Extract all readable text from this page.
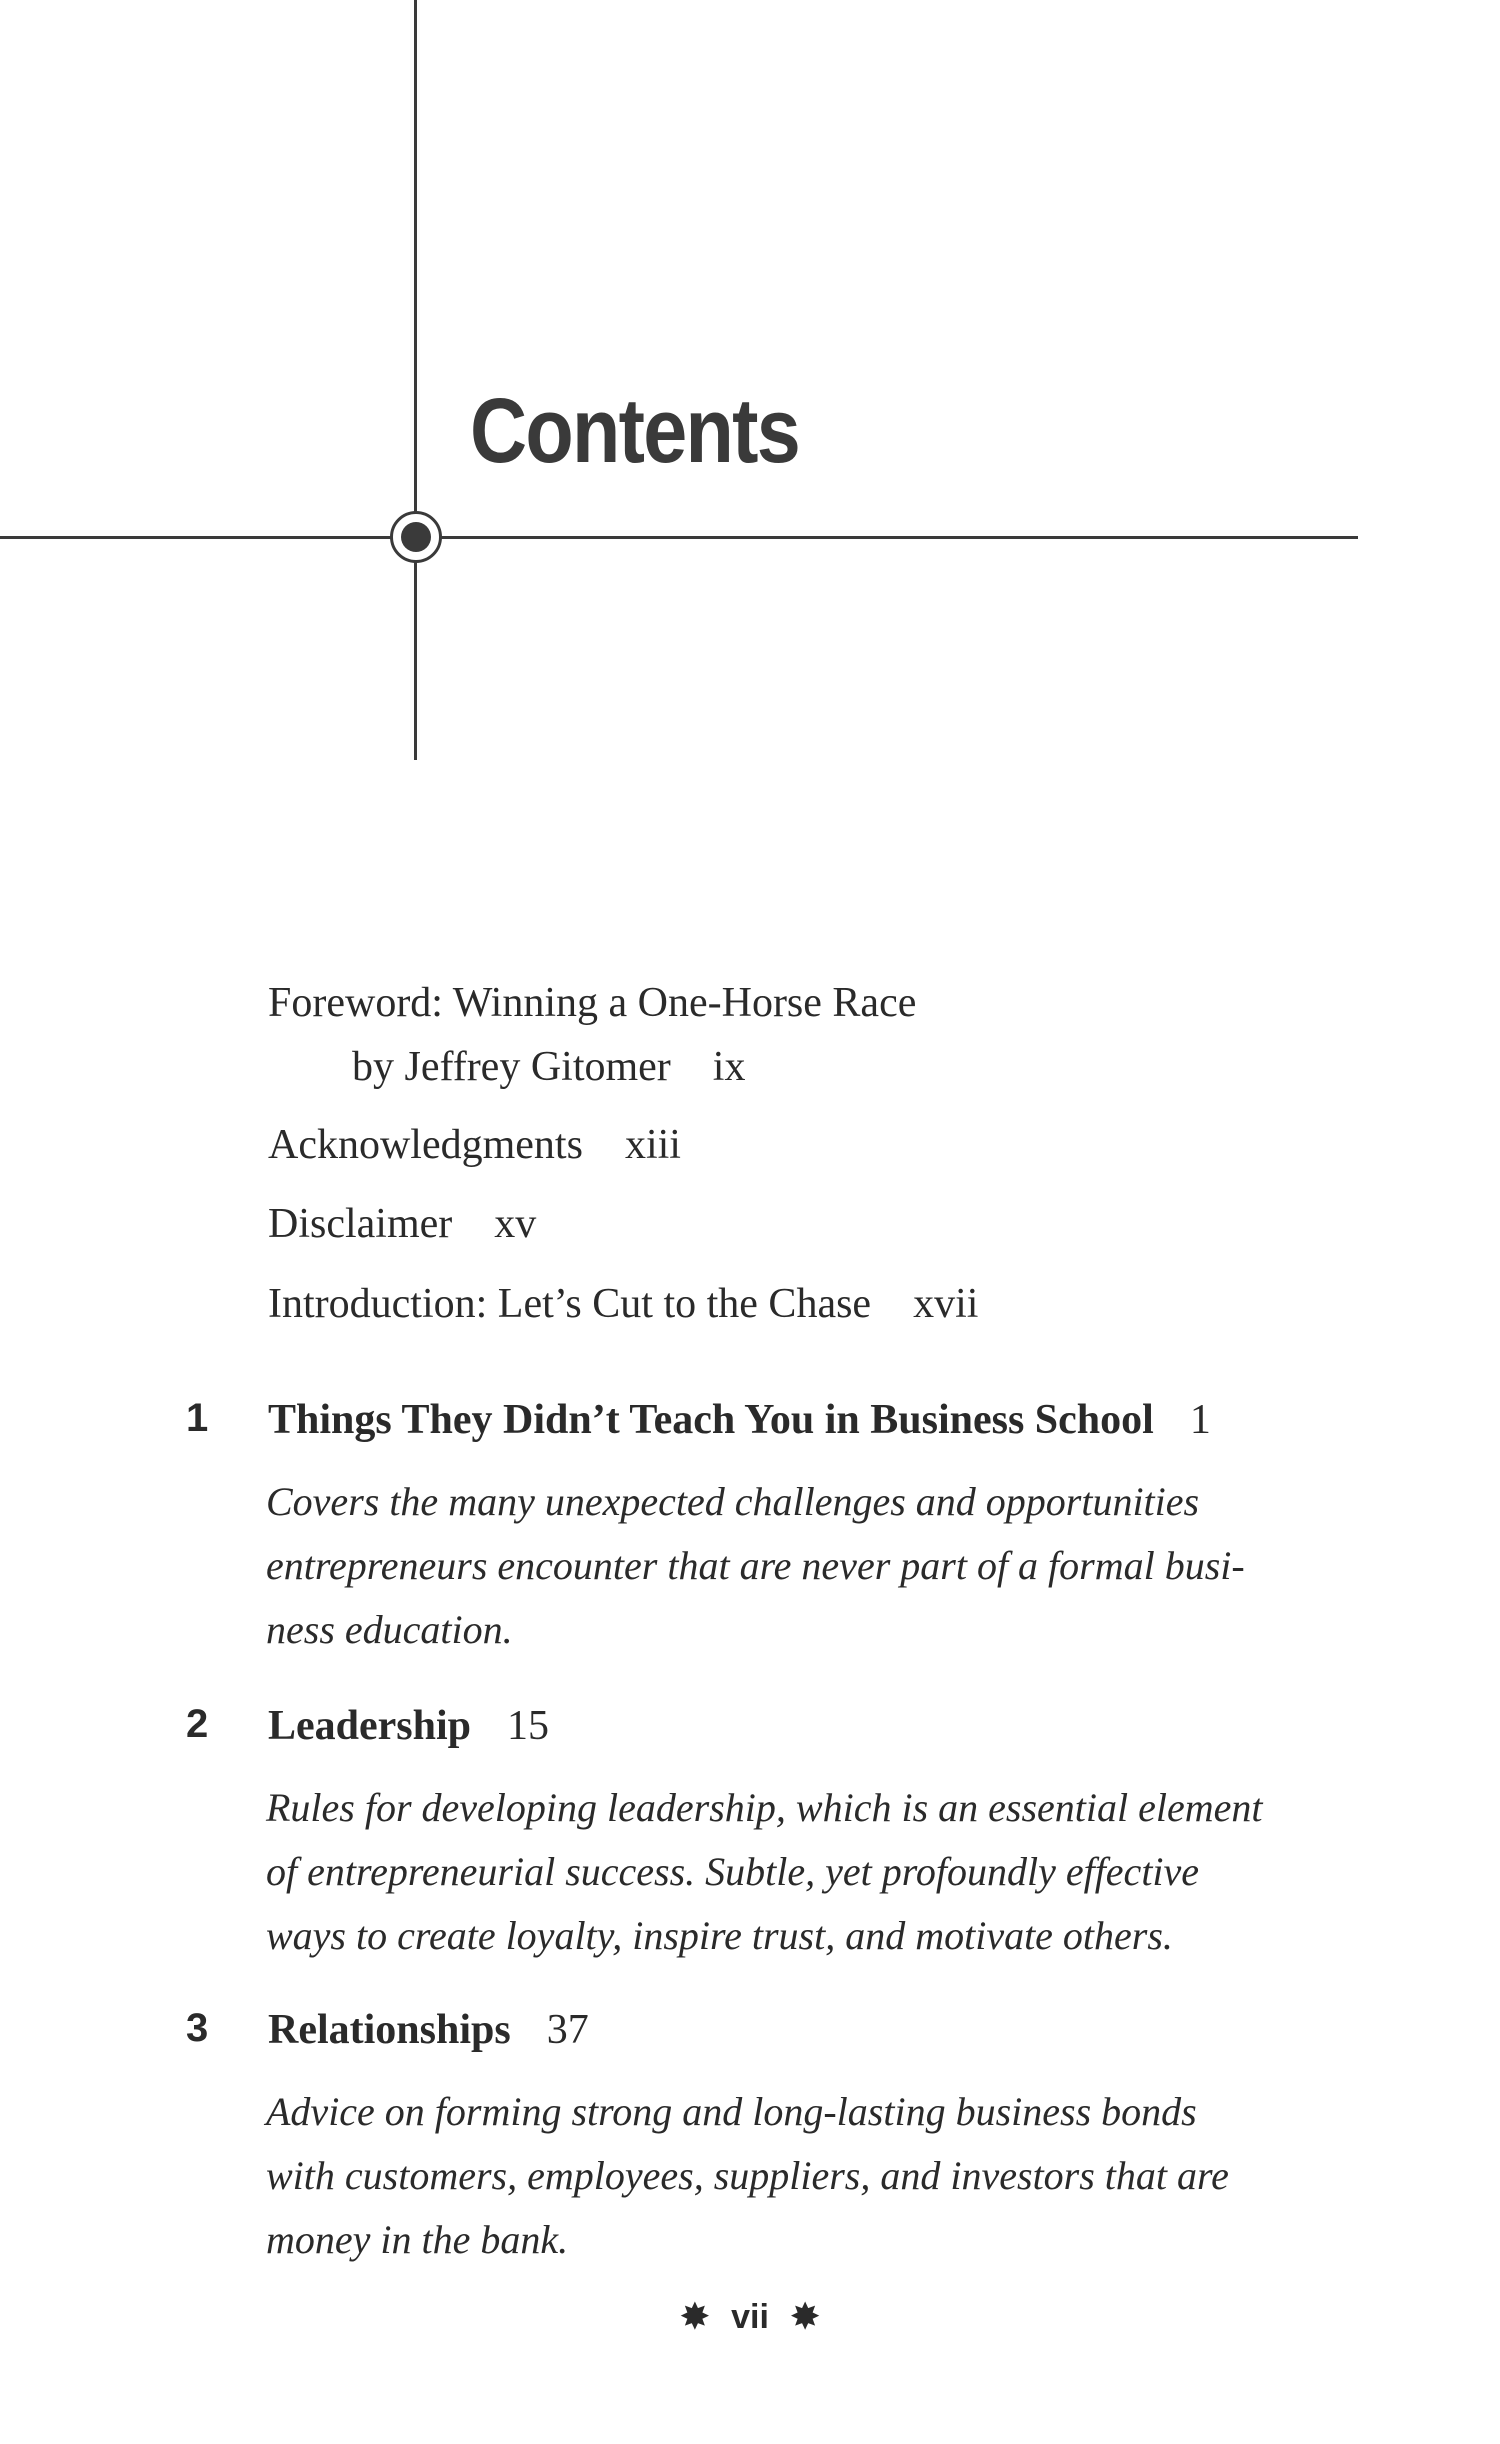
Contents
Foreword: Winning a One-Horse Race
by Jeffrey Gitomer ix
Acknowledgments xiii
Disclaimer xv
Introduction: Let’s Cut to the Chase xvii
1 Things They Didn’t Teach You in Business School 1
Covers the many unexpected challenges and opportunities
entrepreneurs encounter that are never part of a formal busi-
ness education.
2 Leadership 15
Rules for developing leadership, which is an essential element
of entrepreneurial success. Subtle, yet profoundly effective
ways to create loyalty, inspire trust, and motivate others.
3 Relationships 37
Advice on forming strong and long-lasting business bonds
with customers, employees, suppliers, and investors that are
money in the bank.
✸ vii ✸
